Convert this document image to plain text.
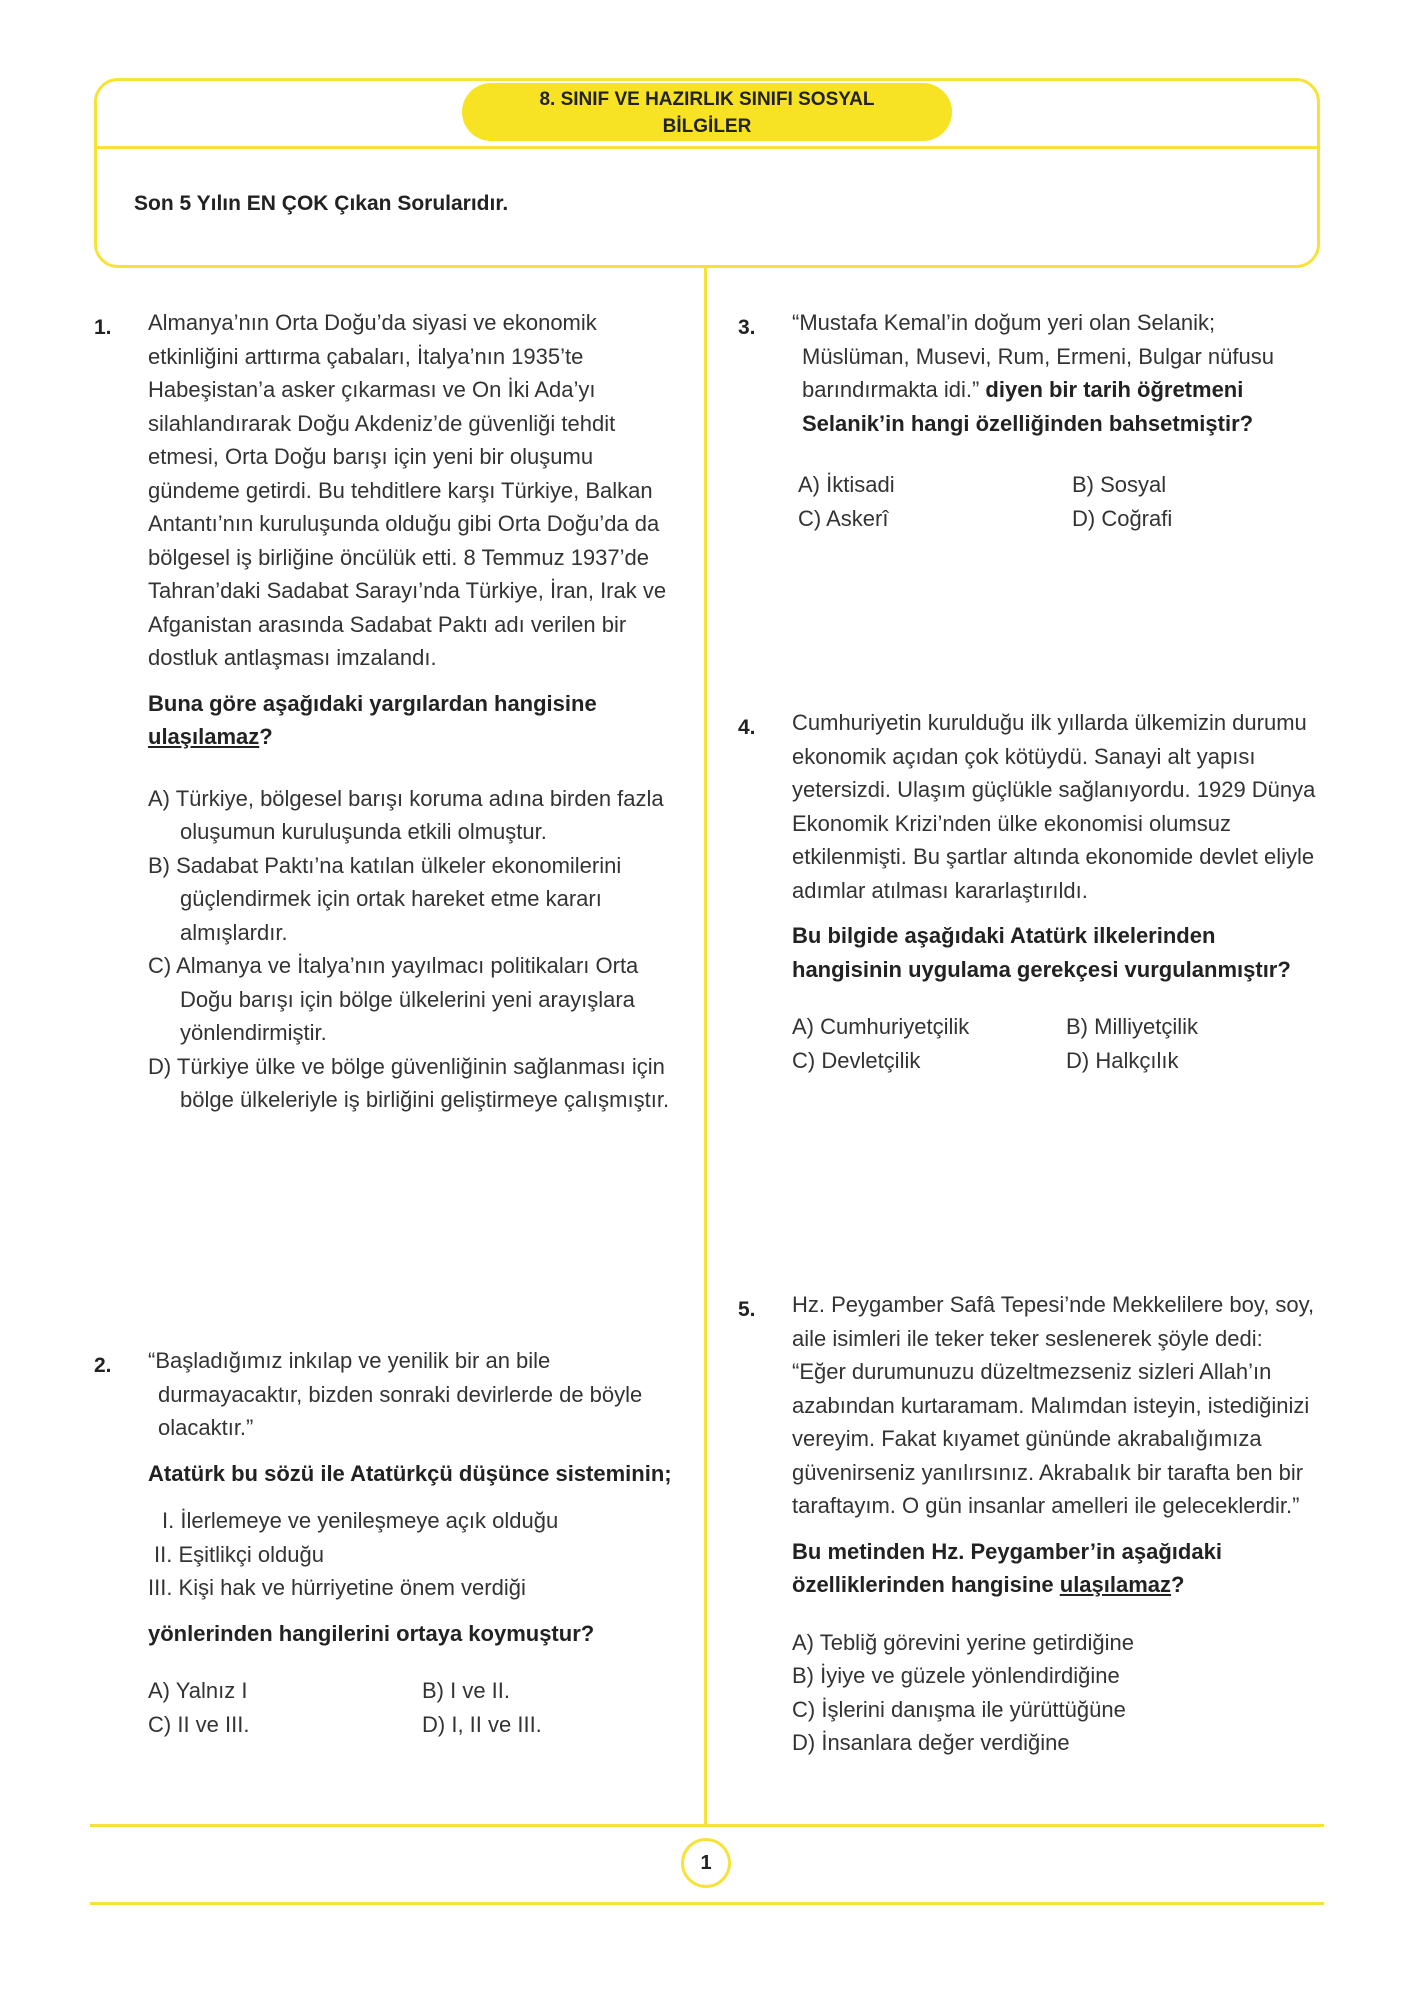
8. SINIF VE HAZIRLIK SINIFI SOSYAL
BİLGİLER
Son 5 Yılın EN ÇOK Çıkan Sorularıdır.
1. Almanya’nın Orta Doğu’da siyasi ve ekonomik etkinliğini arttırma çabaları, İtalya’nın 1935’te Habeşistan’a asker çıkarması ve On İki Ada’yı silahlandırarak Doğu Akdeniz’de güvenliği tehdit etmesi, Orta Doğu barışı için yeni bir oluşumu gündeme getirdi. Bu tehditlere karşı Türkiye, Balkan Antantı’nın kuruluşunda olduğu gibi Orta Doğu’da da bölgesel iş birliğine öncülük etti. 8 Temmuz 1937’de Tahran’daki Sadabat Sarayı’nda Türkiye, İran, Irak ve Afganistan arasında Sadabat Paktı adı verilen bir dostluk antlaşması imzalandı.

Buna göre aşağıdaki yargılardan hangisine ulaşılamaz?

A) Türkiye, bölgesel barışı koruma adına birden fazla oluşumun kuruluşunda etkili olmuştur.

B) Sadabat Paktı’na katılan ülkeler ekonomilerini güçlendirmek için ortak hareket etme kararı almışlardır.

C) Almanya ve İtalya’nın yayılmacı politikaları Orta Doğu barışı için bölge ülkelerini yeni arayışlara yönlendirmiştir.

D) Türkiye ülke ve bölge güvenliğinin sağlanması için bölge ülkeleriyle iş birliğini geliştirmeye çalışmıştır.

2. “Başladığımız inkılap ve yenilik bir an bile durmayacaktır, bizden sonraki devirlerde de böyle olacaktır.”

Atatürk bu sözü ile Atatürkçü düşünce sisteminin;

I. İlerlemeye ve yenileşmeye açık olduğu

II. Eşitlikçi olduğu

III. Kişi hak ve hürriyetine önem verdiği

yönlerinden hangilerini ortaya koymuştur?

A) Yalnız I	B) I ve II.
C) II ve III.	D) I, II ve III.
3. “Mustafa Kemal’in doğum yeri olan Selanik; Müslüman, Musevi, Rum, Ermeni, Bulgar nüfusu barındırmakta idi.” diyen bir tarih öğretmeni Selanik’in hangi özelliğinden bahsetmiştir?

A) İktisadi	B) Sosyal
C) Askerî	D) Coğrafi
4. Cumhuriyetin kurulduğu ilk yıllarda ülkemizin durumu ekonomik açıdan çok kötüydü. Sanayi alt yapısı yetersizdi. Ulaşım güçlükle sağlanıyordu. 1929 Dünya Ekonomik Krizi’nden ülke ekonomisi olumsuz etkilenmişti. Bu şartlar altında ekonomide devlet eliyle adımlar atılması kararlaştırıldı.

Bu bilgide aşağıdaki Atatürk ilkelerinden hangisinin uygulama gerekçesi vurgulanmıştır?

A) Cumhuriyetçilik	B) Milliyetçilik
C) Devletçilik	D) Halkçılık
5. Hz. Peygamber Safâ Tepesi’nde Mekkelilere boy, soy, aile isimleri ile teker teker seslenerek şöyle dedi: “Eğer durumunuzu düzeltmezseniz sizleri Allah’ın azabından kurtaramam. Malımdan isteyin, istediğinizi vereyim. Fakat kıyamet gününde akrabalığımıza güvenirseniz yanılırsınız. Akrabalık bir tarafta ben bir taraftayım. O gün insanlar amelleri ile geleceklerdir.”

Bu metinden Hz. Peygamber’in aşağıdaki özelliklerinden hangisine ulaşılamaz?

A) Tebliğ görevini yerine getirdiğine

B) İyiye ve güzele yönlendirdiğine

C) İşlerini danışma ile yürüttüğüne

D) İnsanlara değer verdiğine

1
